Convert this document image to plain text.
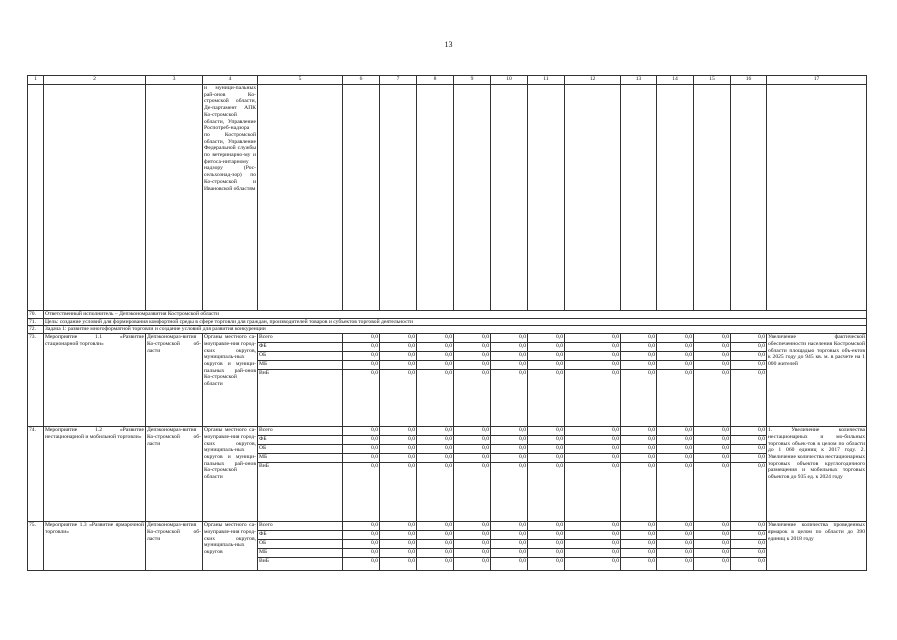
13
1	2	3	4	5	6	7	8	9	10	11	12	13	14	15	16	17
			и муници-пальных рай-онов Ко-стромской области, Де-партамент АПК Ко-стромской области, Управление Роспотреб-надзора по Костромской области, Управление Федеральной службы по ветеринарно-му и фитоса-нитарному надзору (Рос-сельхознад-зор) по Ко-стромской и Ивановской областям													
70.	Ответственный исполнитель – Депэкономразвития Костромской области															
71.	Цель: создание условий для формирования комфортной среды в сфере торговли для граждан, производителей товаров и субъектов торговой деятельности															
72.	Задача 1: развитие многоформатной торговли и создание условий для развития конкуренции															
73.	Мероприятие 1.1 «Развитие стационарной торговли»	Депэкономраз-вития Ко-стромской об-ласти	Органы местного са-моуправле-ния город-ских округов, муниципаль-ных округов и муници-пальных рай-онов Ко-стромской области	Всего	0,0	0,0	0,0	0,0	0,0	0,0	0,0	0,0	0,0	0,0	0,0	Увеличение фактической обеспеченности населения Костромской области площадью торговых объ-ектов к 2025 году до 945 кв. м. в расчете на 1 000 жителей
				ФБ	0,0	0,0	0,0	0,0	0,0	0,0	0,0	0,0	0,0	0,0	0,0	
				ОБ	0,0	0,0	0,0	0,0	0,0	0,0	0,0	0,0	0,0	0,0	0,0	
				МБ	0,0	0,0	0,0	0,0	0,0	0,0	0,0	0,0	0,0	0,0	0,0	
				ВнБ	0,0	0,0	0,0	0,0	0,0	0,0	0,0	0,0	0,0	0,0	0,0	
74.	Мероприятие 1.2 «Развитие нестационарной и мобильной торговли»	Депэкономраз-вития Ко-стромской об-ласти	Органы местного са-моуправле-ния город-ских округов, муниципаль-ных округов и муници-пальных рай-онов Ко-стромской области	Всего	0,0	0,0	0,0	0,0	0,0	0,0	0,0	0,0	0,0	0,0	0,0	1. Увеличение количества нестационарных и мо-бильных торговых объек-тов в целом по области до 1 060 единиц к 2017 году. 2. Увеличение количества нестационарных торговых объектов круглогодичного размещения и мобильных торговых объектов до 935 ед. к 2024 году
				ФБ	0,0	0,0	0,0	0,0	0,0	0,0	0,0	0,0	0,0	0,0	0,0	
				ОБ	0,0	0,0	0,0	0,0	0,0	0,0	0,0	0,0	0,0	0,0	0,0	
				МБ	0,0	0,0	0,0	0,0	0,0	0,0	0,0	0,0	0,0	0,0	0,0	
				ВнБ	0,0	0,0	0,0	0,0	0,0	0,0	0,0	0,0	0,0	0,0	0,0	
75.	Мероприятие 1.3 «Развитие ярмарочной торговли»	Депэкономраз-вития Ко-стромской об-ласти	Органы местного са-моуправле-ния город-ских округов, муниципаль-ных округов	Всего	0,0	0,0	0,0	0,0	0,0	0,0	0,0	0,0	0,0	0,0	0,0	Увеличение количества проведенных ярмарок в целом по области до 390 единиц к 2018 году
				ФБ	0,0	0,0	0,0	0,0	0,0	0,0	0,0	0,0	0,0	0,0	0,0	
				ОБ	0,0	0,0	0,0	0,0	0,0	0,0	0,0	0,0	0,0	0,0	0,0	
				МБ	0,0	0,0	0,0	0,0	0,0	0,0	0,0	0,0	0,0	0,0	0,0	
				ВнБ	0,0	0,0	0,0	0,0	0,0	0,0	0,0	0,0	0,0	0,0	0,0	
